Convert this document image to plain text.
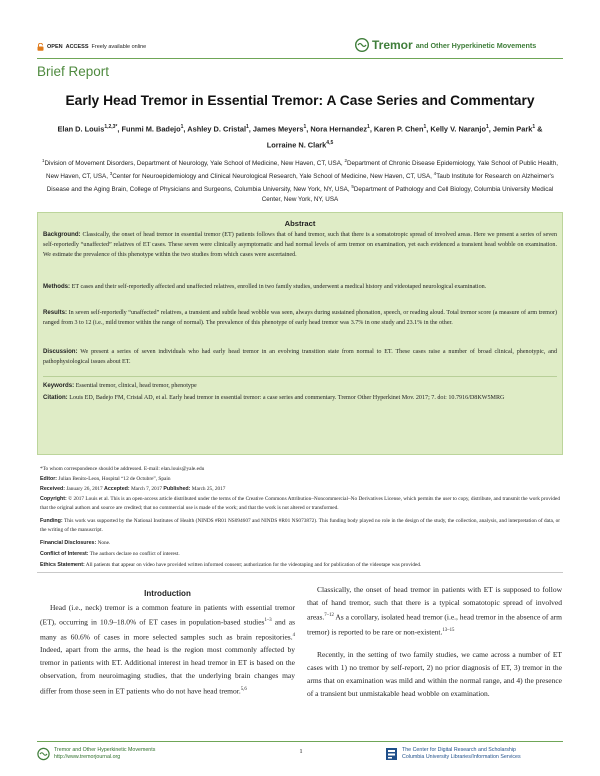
OPEN ACCESS Freely available online	Tremor and Other Hyperkinetic Movements
Brief Report
Early Head Tremor in Essential Tremor: A Case Series and Commentary
Elan D. Louis$^{1,2,3*}$, Funmi M. Badejo$^1$, Ashley D. Cristal$^1$, James Meyers$^1$, Nora Hernandez$^1$, Karen P. Chen$^1$, Kelly V. Naranjo$^1$, Jemin Park$^1$ & Lorraine N. Clark$^{4,5}$
$^1$Division of Movement Disorders, Department of Neurology, Yale School of Medicine, New Haven, CT, USA, $^2$Department of Chronic Disease Epidemiology, Yale School of Public Health, New Haven, CT, USA, $^3$Center for Neuroepidemiology and Clinical Neurological Research, Yale School of Medicine, New Haven, CT, USA, $^4$Taub Institute for Research on Alzheimer's Disease and the Aging Brain, College of Physicians and Surgeons, Columbia University, New York, NY, USA, $^5$Department of Pathology and Cell Biology, Columbia University Medical Center, New York, NY, USA
Abstract
Background: Classically, the onset of head tremor in essential tremor (ET) patients follows that of hand tremor, such that there is a somatotropic spread of involved areas. Here we present a series of seven self-reportedly “unaffected” relatives of ET cases. These seven were clinically asymptomatic and had normal levels of arm tremor on examination, yet each evidenced a transient head wobble on examination. We estimate the prevalence of this phenotype within the two studies from which cases were ascertained.
Methods: ET cases and their self-reportedly affected and unaffected relatives, enrolled in two family studies, underwent a medical history and videotaped neurological examination.
Results: In seven self-reportedly “unaffected” relatives, a transient and subtle head wobble was seen, always during sustained phonation, speech, or reading aloud. Total tremor score (a measure of arm tremor) ranged from 3 to 12 (i.e., mild tremor within the range of normal). The prevalence of this phenotype of early head tremor was 3.7% in one study and 23.1% in the other.
Discussion: We present a series of seven individuals who had early head tremor in an evolving transition state from normal to ET. These cases raise a number of broad clinical, phenotypic, and pathophysiological issues about ET.
Keywords: Essential tremor, clinical, head tremor, phenotype
Citation: Louis ED, Badejo FM, Cristal AD, et al. Early head tremor in essential tremor: a case series and commentary. Tremor Other Hyperkinet Mov. 2017; 7. doi: 10.7916/D8KW5MRG
*To whom correspondence should be addressed. E-mail: elan.louis@yale.edu
Editor: Julian Benito-Leon, Hospital “12 de Octubre”, Spain
Received: January 26, 2017 Accepted: March 7, 2017 Published: March 25, 2017
Copyright: © 2017 Louis et al. This is an open-access article distributed under the terms of the Creative Commons Attribution–Noncommercial–No Derivatives License, which permits the user to copy, distribute, and transmit the work provided that the original authors and source are credited; that no commercial use is made of the work; and that the work is not altered or transformed.
Funding: This work was supported by the National Institutes of Health (NINDS #R01 NS094607 and NINDS #R01 NS073872). This funding body played no role in the design of the study, the collection, analysis, and interpretation of data, or the writing of the manuscript.
Financial Disclosures: None.
Conflict of Interest: The authors declare no conflict of interest.
Ethics Statement: All patients that appear on video have provided written informed consent; authorization for the videotaping and for publication of the videotape was provided.
Introduction
Head (i.e., neck) tremor is a common feature in patients with essential tremor (ET), occurring in 10.9–18.0% of ET cases in population-based studies$^{1-3}$ and as many as 60.6% of cases in more selected samples such as brain repositories.$^4$ Indeed, apart from the arms, the head is the region most commonly affected by tremor in patients with ET. Additional interest in head tremor in ET is based on the observation, from neuroimaging studies, that the underlying brain changes may differ from those seen in ET patients who do not have head tremor.$^{5,6}$
Classically, the onset of head tremor in patients with ET is supposed to follow that of hand tremor, such that there is a typical somatotopic spread of involved areas.$^{7-12}$ As a corollary, isolated head tremor (i.e., head tremor in the absence of arm tremor) is reported to be rare or non-existent.$^{13-15}$
Recently, in the setting of two family studies, we came across a number of ET cases with 1) no tremor by self-report, 2) no prior diagnosis of ET, 3) tremor in the arms that on examination was mild and within the normal range, and 4) the presence of a transient but unmistakable head wobble on examination.
Tremor and Other Hyperkinetic Movements
http://www.tremorjournal.org
1	The Center for Digital Research and Scholarship
Columbia University Libraries/Information Services
